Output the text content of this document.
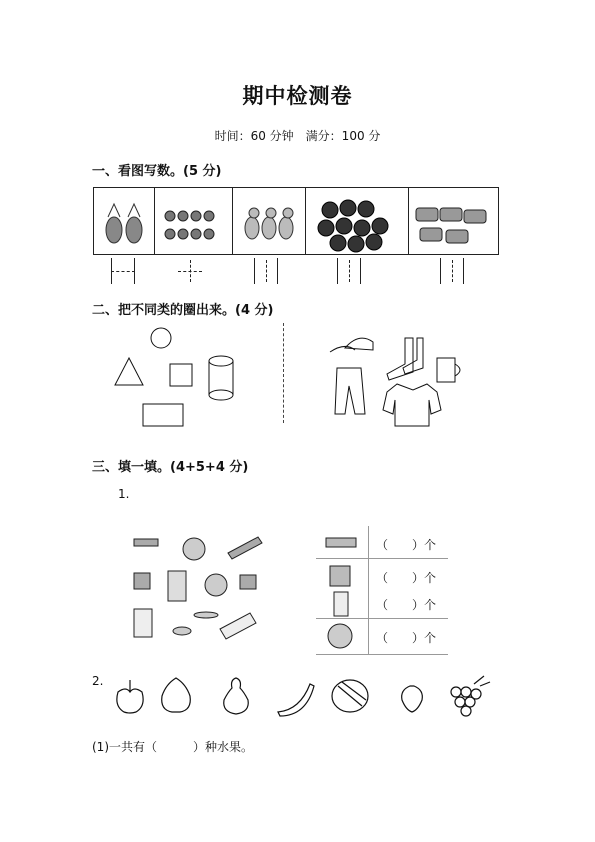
期中检测卷
时间：60 分钟　满分：100 分
一、看图写数。(5 分)
二、把不同类的圈出来。(4 分)
三、填一填。(4+5+4 分)
1.
（　　）个
（　　）个
（　　）个
（　　）个
2.
(1)一共有（　　　）种水果。
